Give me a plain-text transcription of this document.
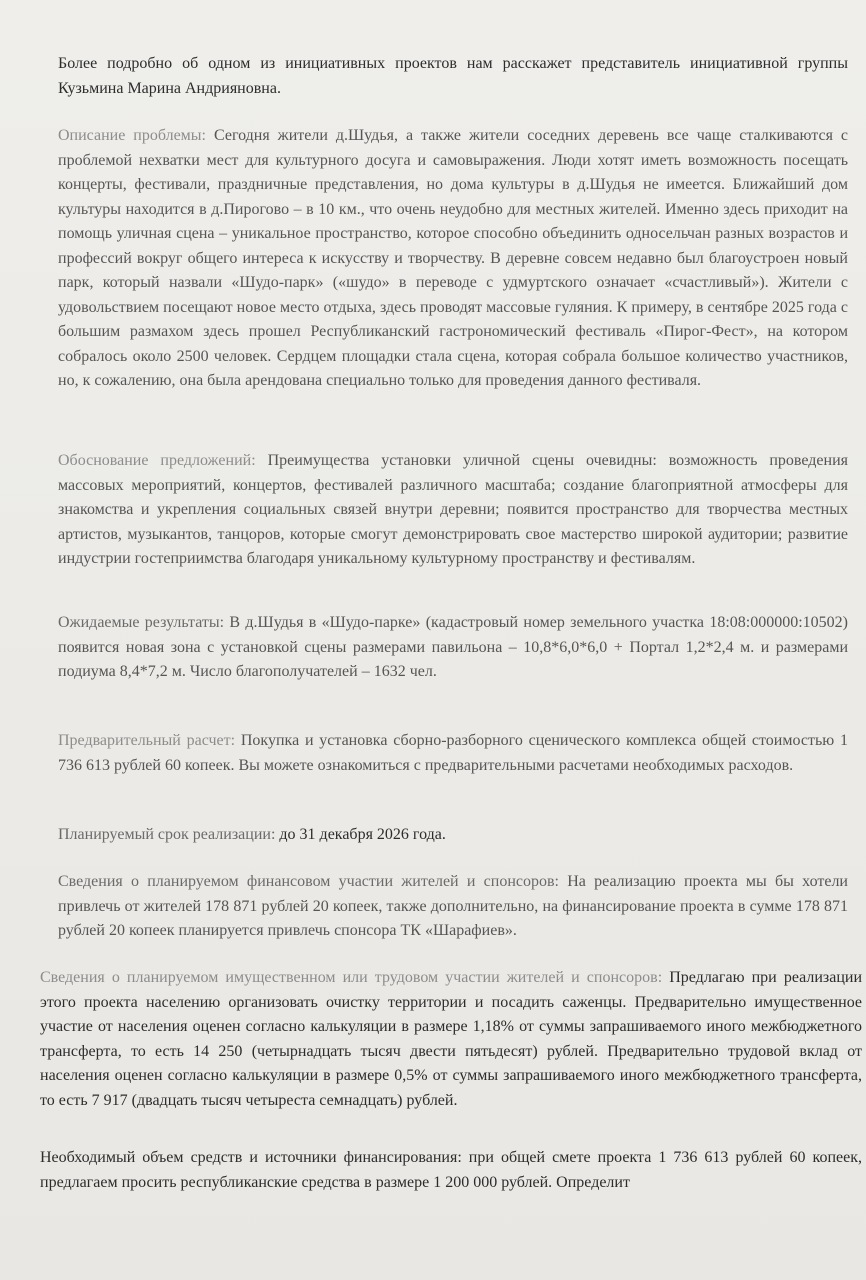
Более подробно об одном из инициативных проектов нам расскажет представитель инициативной группы Кузьмина Марина Андрияновна.

Описание проблемы: Сегодня жители д.Шудья, а также жители соседних деревень все чаще сталкиваются с проблемой нехватки мест для культурного досуга и самовыражения. Люди хотят иметь возможность посещать концерты, фестивали, праздничные представления, но дома культуры в д.Шудья не имеется. Ближайший дом культуры находится в д.Пирогово – в 10 км., что очень неудобно для местных жителей. Именно здесь приходит на помощь уличная сцена – уникальное пространство, которое способно объединить односельчан разных возрастов и профессий вокруг общего интереса к искусству и творчеству. В деревне совсем недавно был благоустроен новый парк, который назвали «Шудо-парк» («шудо» в переводе с удмуртского означает «счастливый»). Жители с удовольствием посещают новое место отдыха, здесь проводят массовые гуляния. К примеру, в сентябре 2025 года с большим размахом здесь прошел Республиканский гастрономический фестиваль «Пирог-Фест», на котором собралось около 2500 человек. Сердцем площадки стала сцена, которая собрала большое количество участников, но, к сожалению, она была арендована специально только для проведения данного фестиваля.

Обоснование предложений: Преимущества установки уличной сцены очевидны: возможность проведения массовых мероприятий, концертов, фестивалей различного масштаба; создание благоприятной атмосферы для знакомства и укрепления социальных связей внутри деревни; появится пространство для творчества местных артистов, музыкантов, танцоров, которые смогут демонстрировать свое мастерство широкой аудитории; развитие индустрии гостеприимства благодаря уникальному культурному пространству и фестивалям.

Ожидаемые результаты: В д.Шудья в «Шудо-парке» (кадастровый номер земельного участка 18:08:000000:10502) появится новая зона с установкой сцены размерами павильона – 10,8*6,0*6,0 + Портал 1,2*2,4 м. и размерами подиума 8,4*7,2 м. Число благополучателей – 1632 чел.

Предварительный расчет: Покупка и установка сборно-разборного сценического комплекса общей стоимостью 1 736 613 рублей 60 копеек. Вы можете ознакомиться с предварительными расчетами необходимых расходов.

Планируемый срок реализации: до 31 декабря 2026 года.

Сведения о планируемом финансовом участии жителей и спонсоров: На реализацию проекта мы бы хотели привлечь от жителей 178 871 рублей 20 копеек, также дополнительно, на финансирование проекта в сумме 178 871 рублей 20 копеек планируется привлечь спонсора ТК «Шарафиев».

Сведения о планируемом имущественном или трудовом участии жителей и спонсоров: Предлагаю при реализации этого проекта населению организовать очистку территории и посадить саженцы. Предварительно имущественное участие от населения оценен согласно калькуляции в размере 1,18% от суммы запрашиваемого иного межбюджетного трансферта, то есть 14 250 (четырнадцать тысяч двести пятьдесят) рублей. Предварительно трудовой вклад от населения оценен согласно калькуляции в размере 0,5% от суммы запрашиваемого иного межбюджетного трансферта, то есть 7 917 (двадцать тысяч четыреста семнадцать) рублей.

Необходимый объем средств и источники финансирования: при общей смете проекта 1 736 613 рублей 60 копеек, предлагаем просить республиканские средства в размере 1 200 000 рублей. Определит
